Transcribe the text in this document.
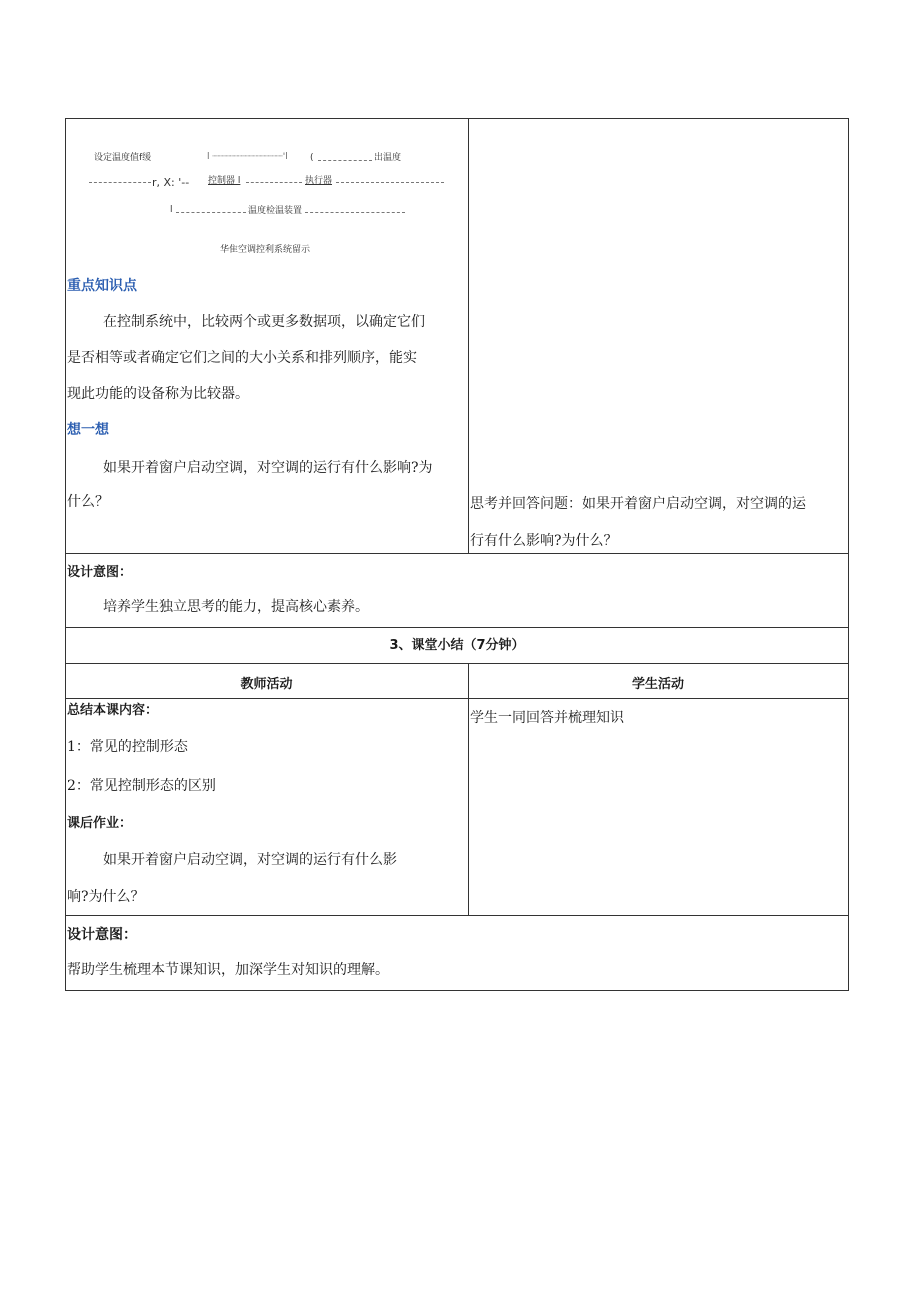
设定温度值f缓	l ┈┈┈┈┈┈┈┈┈┈┈┈┈'l (	出温度
r, X: '-- 控制器 l	执行器
l	温度检温装置
华隹空调控利系统留示
重点知识点
在控制系统中，比较两个或更多数据项，以确定它们
是否相等或者确定它们之间的大小关系和排列顺序，能实
现此功能的设备称为比较器。
想一想
如果开着窗户启动空调，对空调的运行有什么影响?为
什么？	思考并回答问题：如果开着窗户启动空调，对空调的运
行有什么影响?为什么？
设计意图：
培养学生独立思考的能力，提高核心素养。
3、课堂小结（7分钟）
教师活动	学生活动
总结本课内容：
1：常见的控制形态
2：常见控制形态的区别
课后作业：
如果开着窗户启动空调，对空调的运行有什么影
响?为什么？
学生一同回答并梳理知识
设计意图：
帮助学生梳理本节课知识，加深学生对知识的理解。
